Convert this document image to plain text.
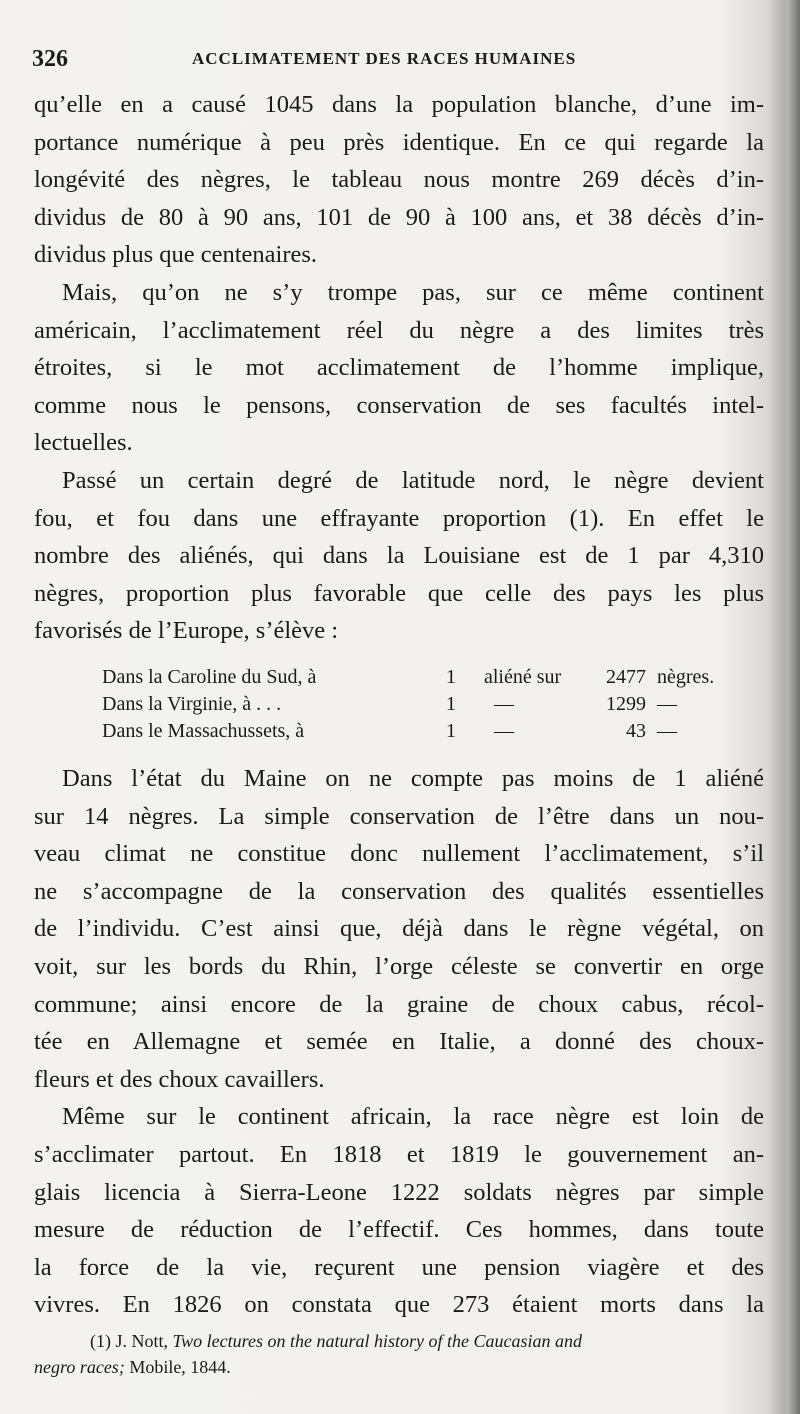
326	ACCLIMATEMENT DES RACES HUMAINES
qu’elle en a causé 1045 dans la population blanche, d’une im-
portance numérique à peu près identique. En ce qui regarde la
longévité des nègres, le tableau nous montre 269 décès d’in-
dividus de 80 à 90 ans, 101 de 90 à 100 ans, et 38 décès d’in-
dividus plus que centenaires.
Mais, qu’on ne s’y trompe pas, sur ce même continent
américain, l’acclimatement réel du nègre a des limites très
étroites, si le mot acclimatement de l’homme implique,
comme nous le pensons, conservation de ses facultés intel-
lectuelles.
Passé un certain degré de latitude nord, le nègre devient
fou, et fou dans une effrayante proportion (1). En effet le
nombre des aliénés, qui dans la Louisiane est de 1 par 4,310
nègres, proportion plus favorable que celle des pays les plus
favorisés de l’Europe, s’élève :
Dans la Caroline du Sud, à	1 aliéné sur	2477 nègres.
Dans la Virginie, à . . .	1 —	1299 —
Dans le Massachussets, à	1 —	43 —
Dans l’état du Maine on ne compte pas moins de 1 aliéné
sur 14 nègres. La simple conservation de l’être dans un nou-
veau climat ne constitue donc nullement l’acclimatement, s’il
ne s’accompagne de la conservation des qualités essentielles
de l’individu. C’est ainsi que, déjà dans le règne végétal, on
voit, sur les bords du Rhin, l’orge céleste se convertir en orge
commune; ainsi encore de la graine de choux cabus, récol-
tée en Allemagne et semée en Italie, a donné des choux-
fleurs et des choux cavaillers.
Même sur le continent africain, la race nègre est loin de
s’acclimater partout. En 1818 et 1819 le gouvernement an-
glais licencia à Sierra-Leone 1222 soldats nègres par simple
mesure de réduction de l’effectif. Ces hommes, dans toute
la force de la vie, reçurent une pension viagère et des
vivres. En 1826 on constata que 273 étaient morts dans la
(1) J. Nott, Two lectures on the natural history of the Caucasian and
negro races; Mobile, 1844.
